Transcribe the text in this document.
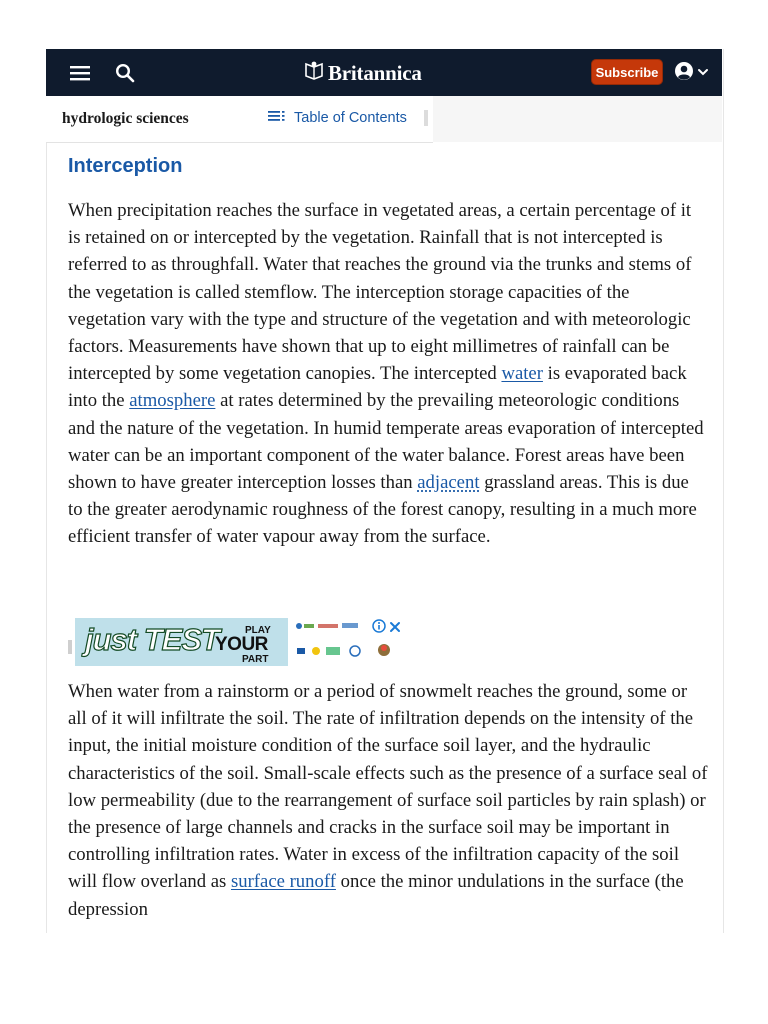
Britannica	Subscribe
hydrologic sciences	Table of Contents
Interception

When precipitation reaches the surface in vegetated areas, a certain percentage of it is retained on or intercepted by the vegetation. Rainfall that is not intercepted is referred to as throughfall. Water that reaches the ground via the trunks and stems of the vegetation is called stemflow. The interception storage capacities of the vegetation vary with the type and structure of the vegetation and with meteorologic factors. Measurements have shown that up to eight millimetres of rainfall can be intercepted by some vegetation canopies. The intercepted water is evaporated back into the atmosphere at rates determined by the prevailing meteorologic conditions and the nature of the vegetation. In humid temperate areas evaporation of intercepted water can be an important component of the water balance. Forest areas have been shown to have greater interception losses than adjacent grassland areas. This is due to the greater aerodynamic roughness of the forest canopy, resulting in a much more efficient transfer of water vapour away from the surface.

When water from a rainstorm or a period of snowmelt reaches the ground, some or all of it will infiltrate the soil. The rate of infiltration depends on the intensity of the input, the initial moisture condition of the surface soil layer, and the hydraulic characteristics of the soil. Small-scale effects such as the presence of a surface seal of low permeability (due to the rearrangement of surface soil particles by rain splash) or the presence of large channels and cracks in the surface soil may be important in controlling infiltration rates. Water in excess of the infiltration capacity of the soil will flow overland as surface runoff once the minor undulations in the surface (the depression

just TEST	PLAY
YOUR
PART
